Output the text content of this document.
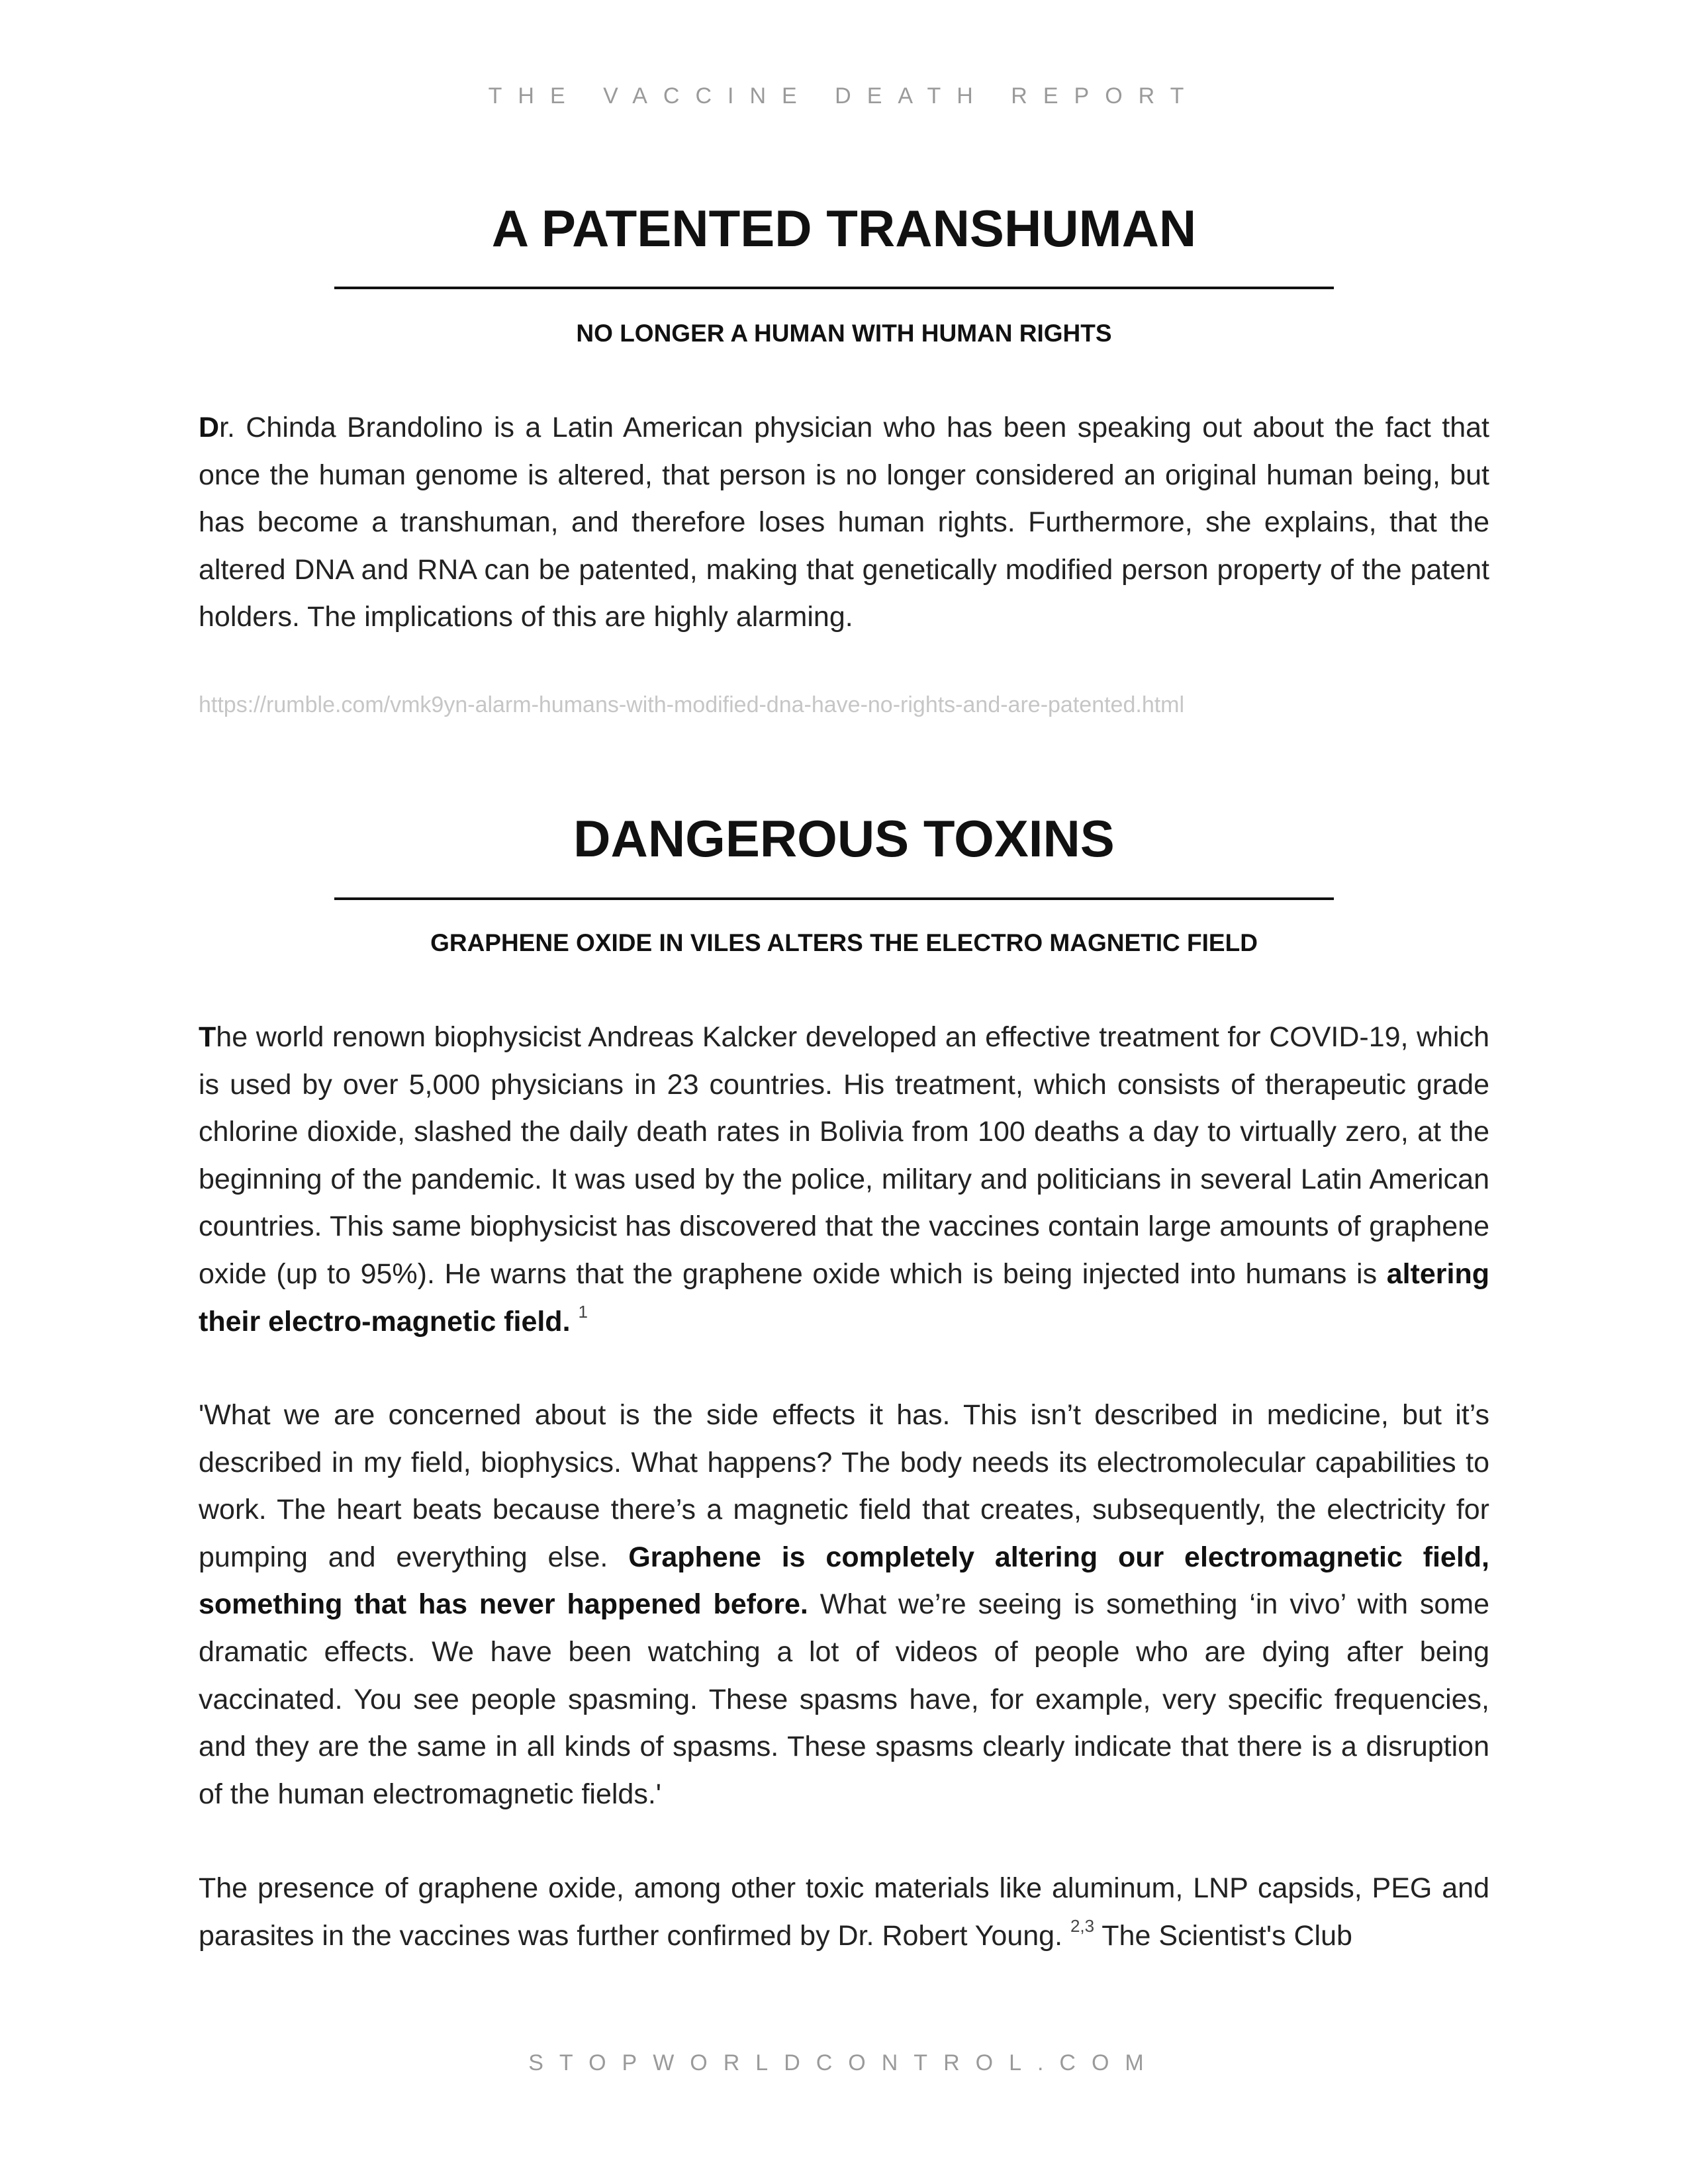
THE VACCINE DEATH REPORT
A PATENTED TRANSHUMAN
NO LONGER A HUMAN WITH HUMAN RIGHTS

Dr. Chinda Brandolino is a Latin American physician who has been speaking out about the fact that once the human genome is altered, that person is no longer considered an original human being, but has become a transhuman, and therefore loses human rights. Furthermore, she explains, that the altered DNA and RNA can be patented, making that genetically modified person property of the patent holders. The implications of this are highly alarming.

https://rumble.com/vmk9yn-alarm-humans-with-modified-dna-have-no-rights-and-are-patented.html
DANGEROUS TOXINS
GRAPHENE OXIDE IN VILES ALTERS THE ELECTRO MAGNETIC FIELD

The world renown biophysicist Andreas Kalcker developed an effective treatment for COVID-19, which is used by over 5,000 physicians in 23 countries. His treatment, which consists of therapeutic grade chlorine dioxide, slashed the daily death rates in Bolivia from 100 deaths a day to virtually zero, at the beginning of the pandemic. It was used by the police, military and politicians in several Latin American countries. This same biophysicist has discovered that the vaccines contain large amounts of graphene oxide (up to 95%). He warns that the graphene oxide which is being injected into humans is altering their electro-magnetic field. $^1$

'What we are concerned about is the side effects it has. This isn’t described in medicine, but it’s described in my field, biophysics. What happens? The body needs its electromolecular capabilities to work. The heart beats because there’s a magnetic field that creates, subsequently, the electricity for pumping and everything else. Graphene is completely altering our electromagnetic field, something that has never happened before. What we’re seeing is something ‘in vivo’ with some dramatic effects. We have been watching a lot of videos of people who are dying after being vaccinated. You see people spasming. These spasms have, for example, very specific frequencies, and they are the same in all kinds of spasms. These spasms clearly indicate that there is a disruption of the human electromagnetic fields.'

The presence of graphene oxide, among other toxic materials like aluminum, LNP capsids, PEG and parasites in the vaccines was further confirmed by Dr. Robert Young. $^{2,3}$ The Scientist's Club

STOPWORLDCONTROL.COM
